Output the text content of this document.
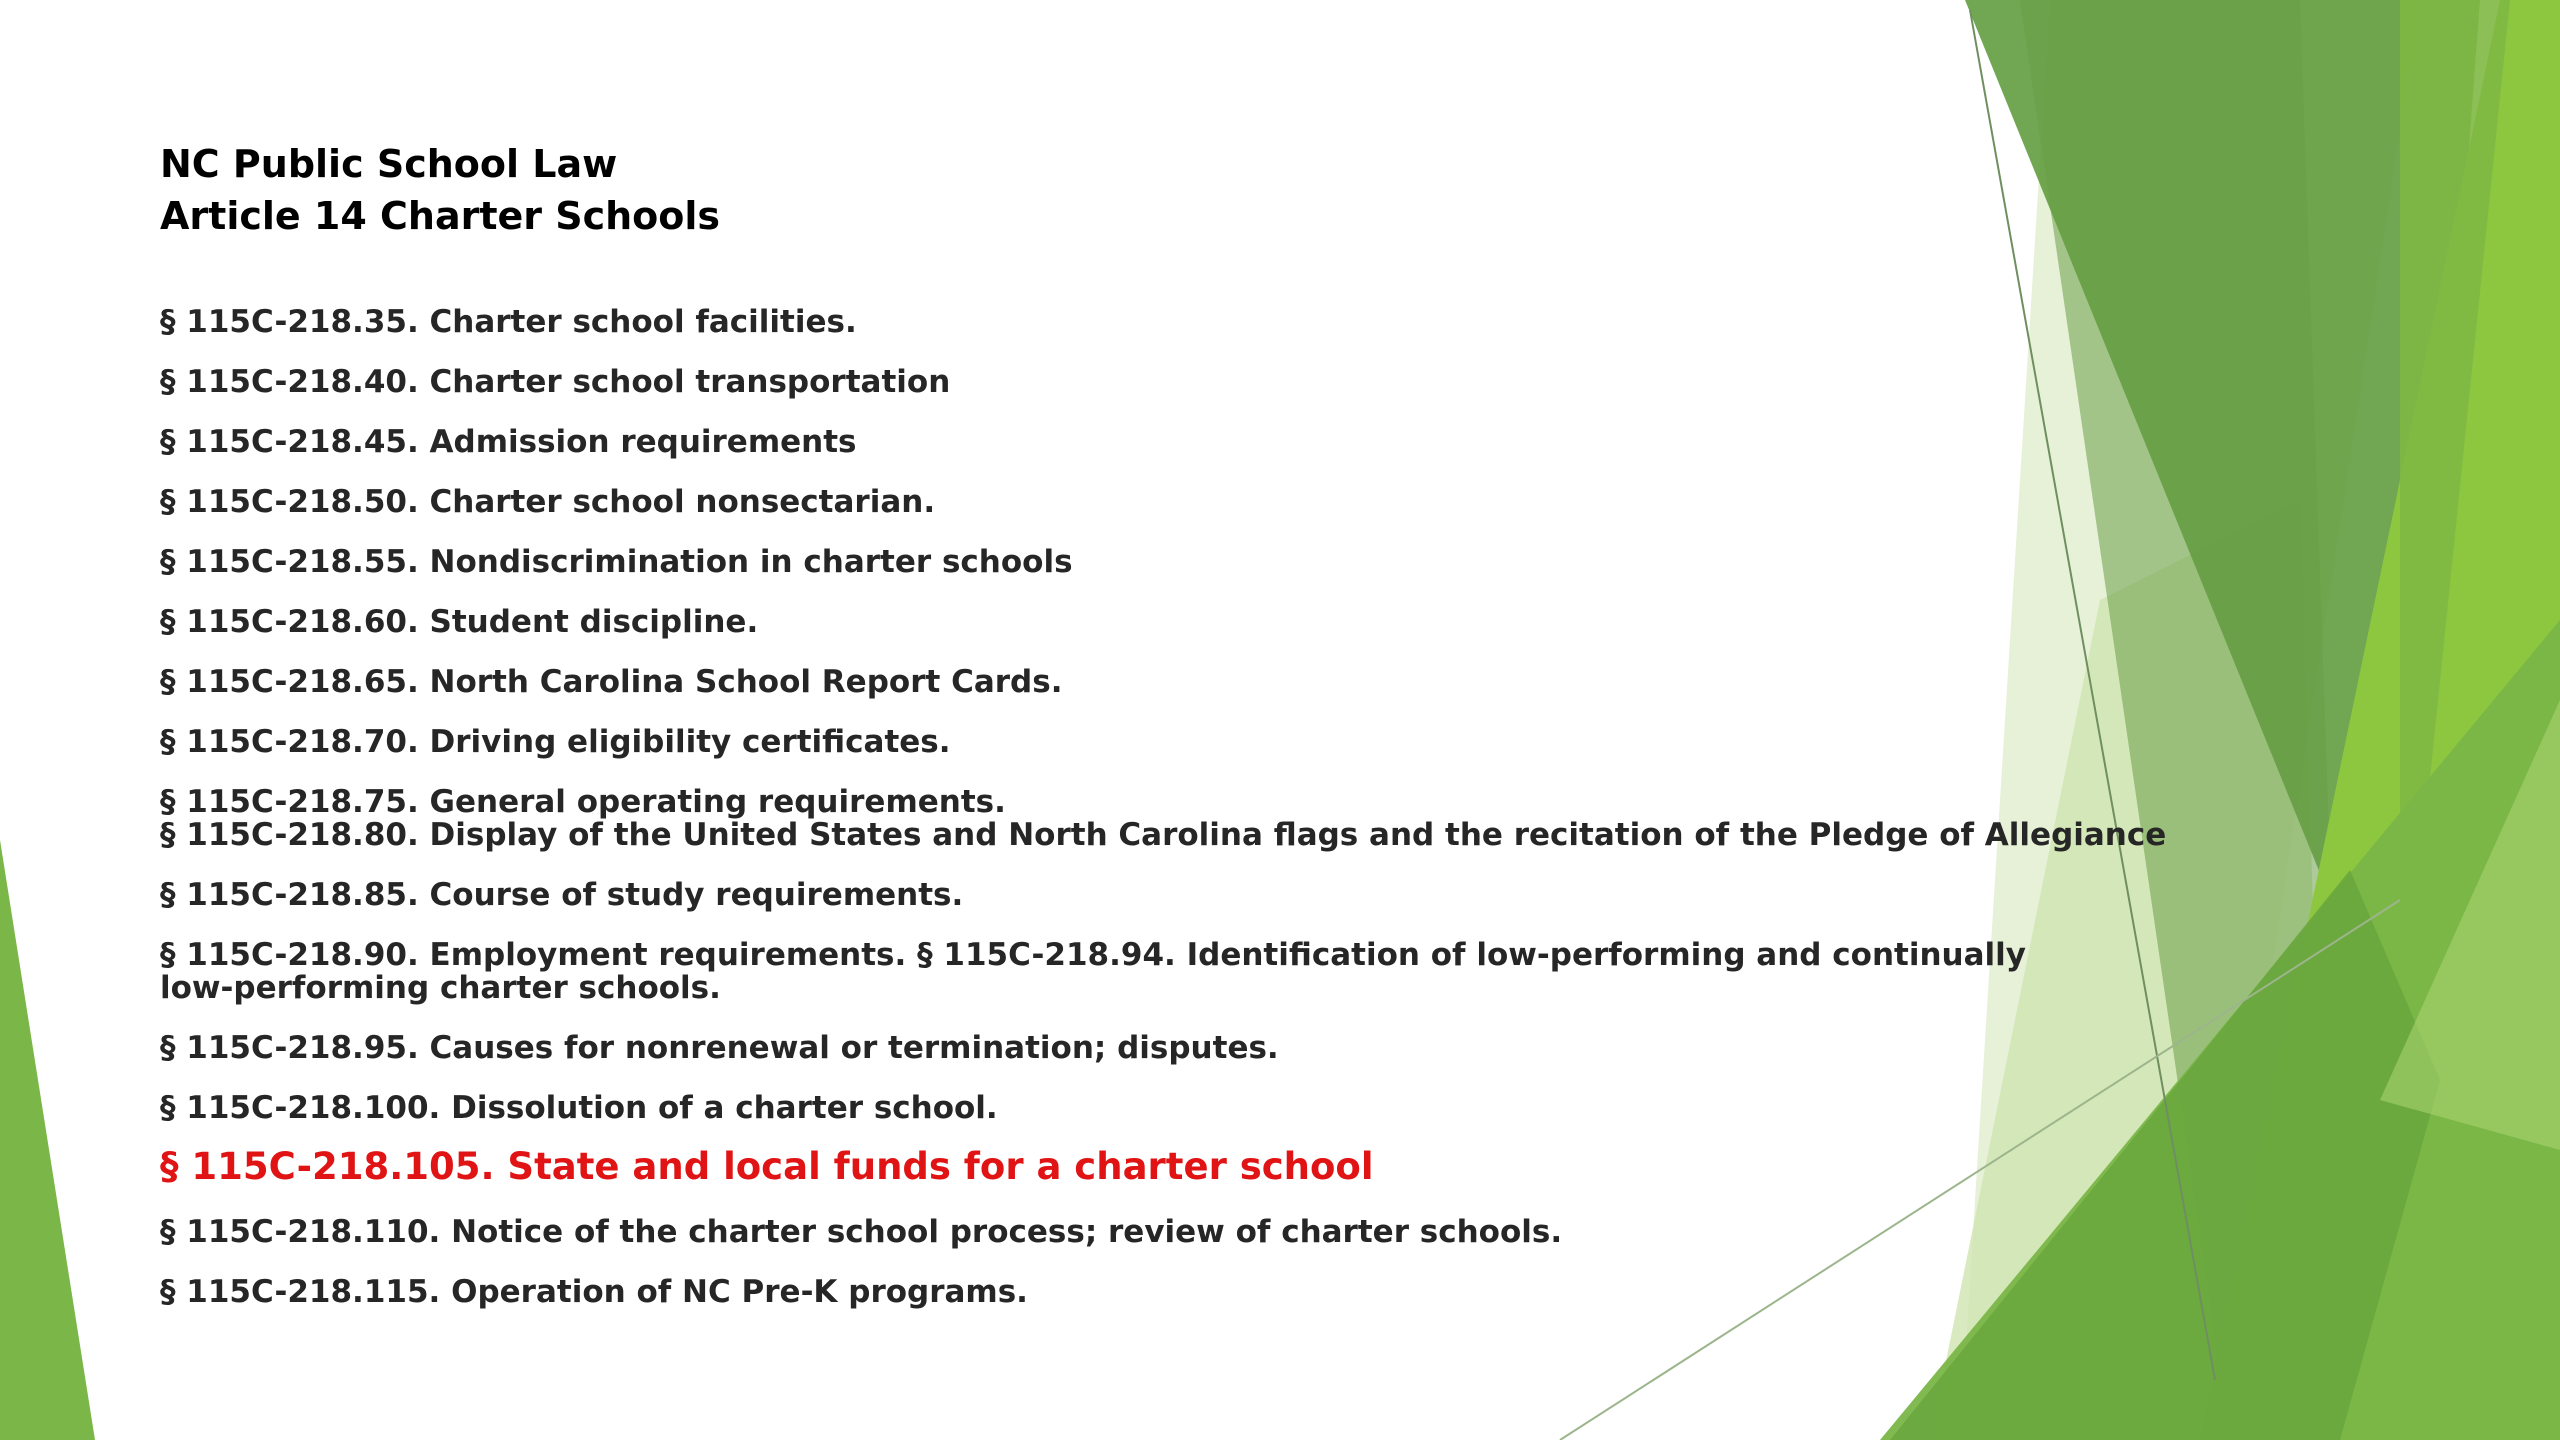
NC Public School Law
Article 14 Charter Schools
§ 115C-218.35. Charter school facilities.
§ 115C-218.40. Charter school transportation
§ 115C-218.45. Admission requirements
§ 115C-218.50. Charter school nonsectarian.
§ 115C-218.55. Nondiscrimination in charter schools
§ 115C-218.60. Student discipline.
§ 115C-218.65. North Carolina School Report Cards.
§ 115C-218.70. Driving eligibility certificates.
§ 115C-218.75. General operating requirements.
§ 115C-218.80. Display of the United States and North Carolina flags and the recitation of the Pledge of Allegiance
§ 115C-218.85. Course of study requirements.
§ 115C-218.90. Employment requirements. § 115C-218.94. Identification of low-performing and continually low-performing charter schools.
§ 115C-218.95. Causes for nonrenewal or termination; disputes.
§ 115C-218.100. Dissolution of a charter school.
§ 115C-218.105. State and local funds for a charter school
§ 115C-218.110. Notice of the charter school process; review of charter schools.
§ 115C-218.115. Operation of NC Pre-K programs.
